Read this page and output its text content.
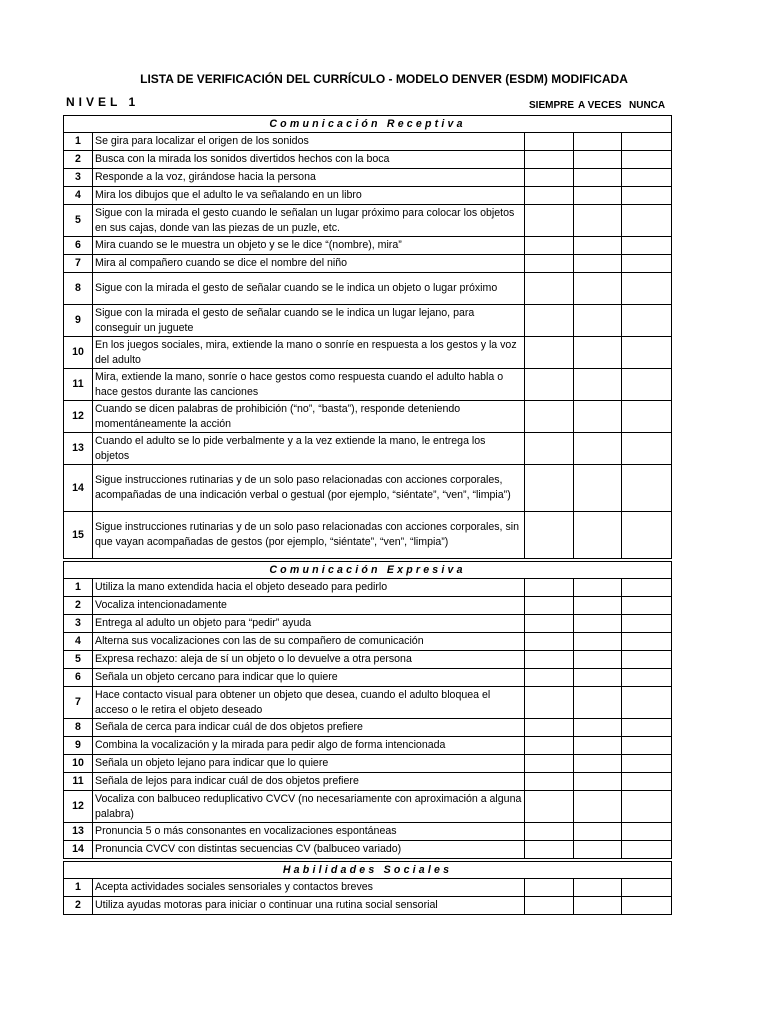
LISTA DE VERIFICACIÓN DEL CURRÍCULO - MODELO DENVER (ESDM) MODIFICADA
NIVEL 1	SIEMPRE A VECES NUNCA
Comunicación Receptiva				
1	Se gira para localizar el origen de los sonidos			
2	Busca con la mirada los sonidos divertidos hechos con la boca			
3	Responde a la voz, girándose hacia la persona			
4	Mira los dibujos que el adulto le va señalando en un libro			
5	Sigue con la mirada el gesto cuando le señalan un lugar próximo para colocar los objetos en sus cajas, donde van las piezas de un puzle, etc.			
6	Mira cuando se le muestra un objeto y se le dice “(nombre), mira”			
7	Mira al compañero cuando se dice el nombre del niño			
8	Sigue con la mirada el gesto de señalar cuando se le indica un objeto o lugar próximo			
9	Sigue con la mirada el gesto de señalar cuando se le indica un lugar lejano, para conseguir un juguete			
10	En los juegos sociales, mira, extiende la mano o sonríe en respuesta a los gestos y la voz del adulto			
11	Mira, extiende la mano, sonríe o hace gestos como respuesta cuando el adulto habla o hace gestos durante las canciones			
12	Cuando se dicen palabras de prohibición (“no”, “basta”), responde deteniendo momentáneamente la acción			
13	Cuando el adulto se lo pide verbalmente y a la vez extiende la mano, le entrega los objetos			
14	Sigue instrucciones rutinarias y de un solo paso relacionadas con acciones corporales, acompañadas de una indicación verbal o gestual (por ejemplo, “siéntate”, “ven”, “limpia”)			
15	Sigue instrucciones rutinarias y de un solo paso relacionadas con acciones corporales, sin que vayan acompañadas de gestos (por ejemplo, “siéntate”, “ven”, “limpia”)			

Comunicación Expresiva				
1	Utiliza la mano extendida hacia el objeto deseado para pedirlo			
2	Vocaliza intencionadamente			
3	Entrega al adulto un objeto para “pedir” ayuda			
4	Alterna sus vocalizaciones con las de su compañero de comunicación			
5	Expresa rechazo: aleja de sí un objeto o lo devuelve a otra persona			
6	Señala un objeto cercano para indicar que lo quiere			
7	Hace contacto visual para obtener un objeto que desea, cuando el adulto bloquea el acceso o le retira el objeto deseado			
8	Señala de cerca para indicar cuál de dos objetos prefiere			
9	Combina la vocalización y la mirada para pedir algo de forma intencionada			
10	Señala un objeto lejano para indicar que lo quiere			
11	Señala de lejos para indicar cuál de dos objetos prefiere			
12	Vocaliza con balbuceo reduplicativo CVCV (no necesariamente con aproximación a alguna palabra)			
13	Pronuncia 5 o más consonantes en vocalizaciones espontáneas			
14	Pronuncia CVCV con distintas secuencias CV (balbuceo variado)			

Habilidades Sociales				
1	Acepta actividades sociales sensoriales y contactos breves			
2	Utiliza ayudas motoras para iniciar o continuar una rutina social sensorial			
